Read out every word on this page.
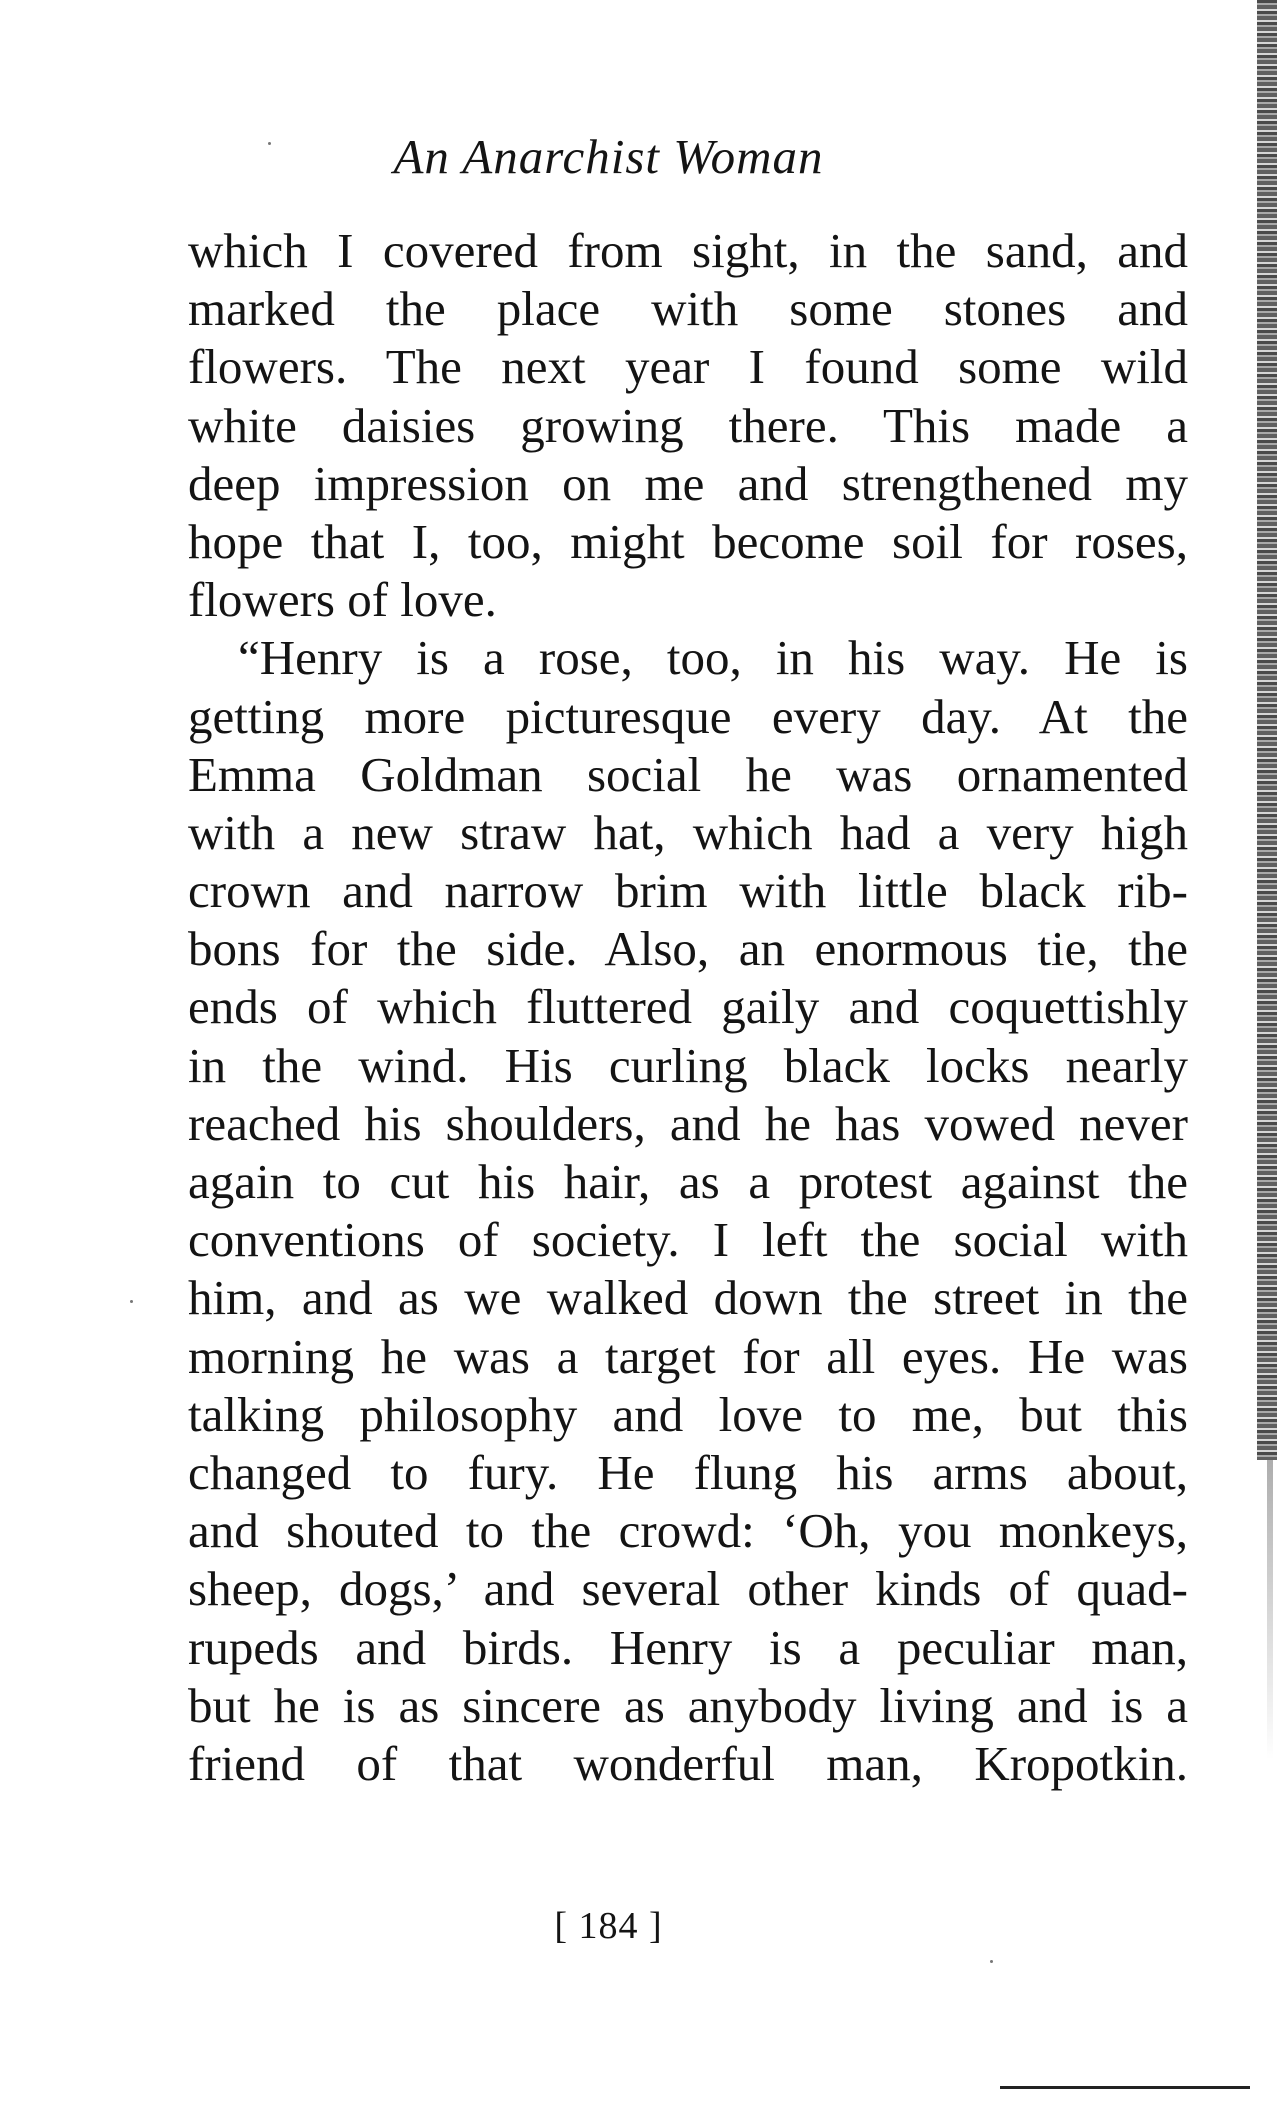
An Anarchist Woman
which I covered from sight, in the sand, and
marked the place with some stones and
flowers. The next year I found some wild
white daisies growing there. This made a
deep impression on me and strengthened my
hope that I, too, might become soil for roses,
flowers of love.
“Henry is a rose, too, in his way. He is
getting more picturesque every day. At the
Emma Goldman social he was ornamented
with a new straw hat, which had a very high
crown and narrow brim with little black rib-
bons for the side. Also, an enormous tie, the
ends of which fluttered gaily and coquettishly
in the wind. His curling black locks nearly
reached his shoulders, and he has vowed never
again to cut his hair, as a protest against the
conventions of society. I left the social with
him, and as we walked down the street in the
morning he was a target for all eyes. He was
talking philosophy and love to me, but this
changed to fury. He flung his arms about,
and shouted to the crowd: ‘Oh, you monkeys,
sheep, dogs,’ and several other kinds of quad-
rupeds and birds. Henry is a peculiar man,
but he is as sincere as anybody living and is a
friend of that wonderful man, Kropotkin.
[ 184 ]
